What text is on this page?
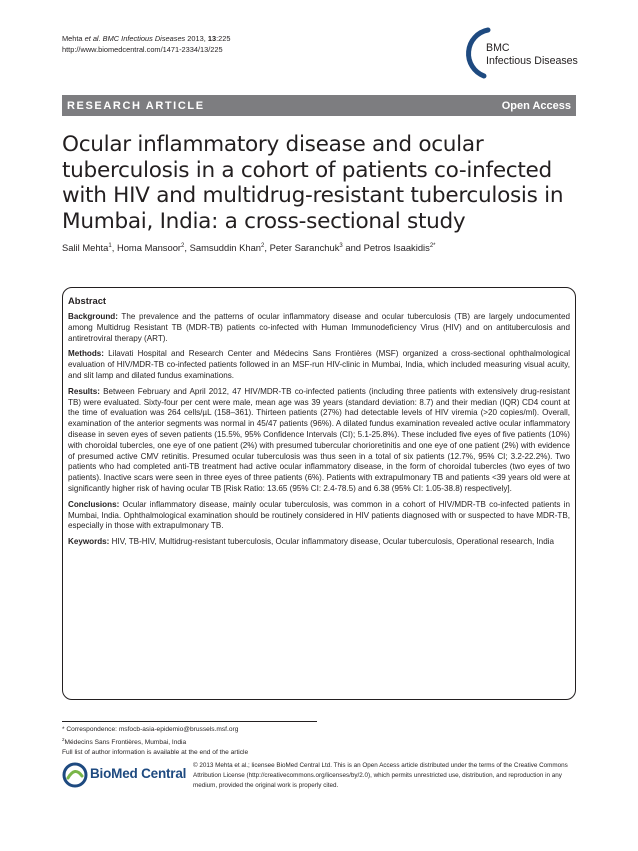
Mehta et al. BMC Infectious Diseases 2013, 13:225
http://www.biomedcentral.com/1471-2334/13/225	BMC
Infectious Diseases
RESEARCH ARTICLE	Open Access
Ocular inflammatory disease and ocular tuberculosis in a cohort of patients co-infected with HIV and multidrug-resistant tuberculosis in Mumbai, India: a cross-sectional study
Salil Mehta$^1$, Homa Mansoor$^2$, Samsuddin Khan$^2$, Peter Saranchuk$^3$ and Petros Isaakidis$^{2*}$
Abstract
Background: The prevalence and the patterns of ocular inflammatory disease and ocular tuberculosis (TB) are largely undocumented among Multidrug Resistant TB (MDR-TB) patients co-infected with Human Immunodeficiency Virus (HIV) and on antituberculosis and antiretroviral therapy (ART).
Methods: Lilavati Hospital and Research Center and Médecins Sans Frontières (MSF) organized a cross-sectional ophthalmological evaluation of HIV/MDR-TB co-infected patients followed in an MSF-run HIV-clinic in Mumbai, India, which included measuring visual acuity, and slit lamp and dilated fundus examinations.
Results: Between February and April 2012, 47 HIV/MDR-TB co-infected patients (including three patients with extensively drug-resistant TB) were evaluated. Sixty-four per cent were male, mean age was 39 years (standard deviation: 8.7) and their median (IQR) CD4 count at the time of evaluation was 264 cells/µL (158–361). Thirteen patients (27%) had detectable levels of HIV viremia (>20 copies/ml). Overall, examination of the anterior segments was normal in 45/47 patients (96%). A dilated fundus examination revealed active ocular inflammatory disease in seven eyes of seven patients (15.5%, 95% Confidence Intervals (CI); 5.1-25.8%). These included five eyes of five patients (10%) with choroidal tubercles, one eye of one patient (2%) with presumed tubercular chorioretinitis and one eye of one patient (2%) with evidence of presumed active CMV retinitis. Presumed ocular tuberculosis was thus seen in a total of six patients (12.7%, 95% CI; 3.2-22.2%). Two patients who had completed anti-TB treatment had active ocular inflammatory disease, in the form of choroidal tubercles (two eyes of two patients). Inactive scars were seen in three eyes of three patients (6%). Patients with extrapulmonary TB and patients <39 years old were at significantly higher risk of having ocular TB [Risk Ratio: 13.65 (95% CI: 2.4-78.5) and 6.38 (95% CI: 1.05-38.8) respectively].
Conclusions: Ocular inflammatory disease, mainly ocular tuberculosis, was common in a cohort of HIV/MDR-TB co-infected patients in Mumbai, India. Ophthalmological examination should be routinely considered in HIV patients diagnosed with or suspected to have MDR-TB, especially in those with extrapulmonary TB.
Keywords: HIV, TB-HIV, Multidrug-resistant tuberculosis, Ocular inflammatory disease, Ocular tuberculosis, Operational research, India
* Correspondence: msfocb-asia-epidemio@brussels.msf.org
$^2$Médecins Sans Frontières, Mumbai, India
Full list of author information is available at the end of the article
BioMed Central
© 2013 Mehta et al.; licensee BioMed Central Ltd. This is an Open Access article distributed under the terms of the Creative Commons Attribution License (http://creativecommons.org/licenses/by/2.0), which permits unrestricted use, distribution, and reproduction in any medium, provided the original work is properly cited.
